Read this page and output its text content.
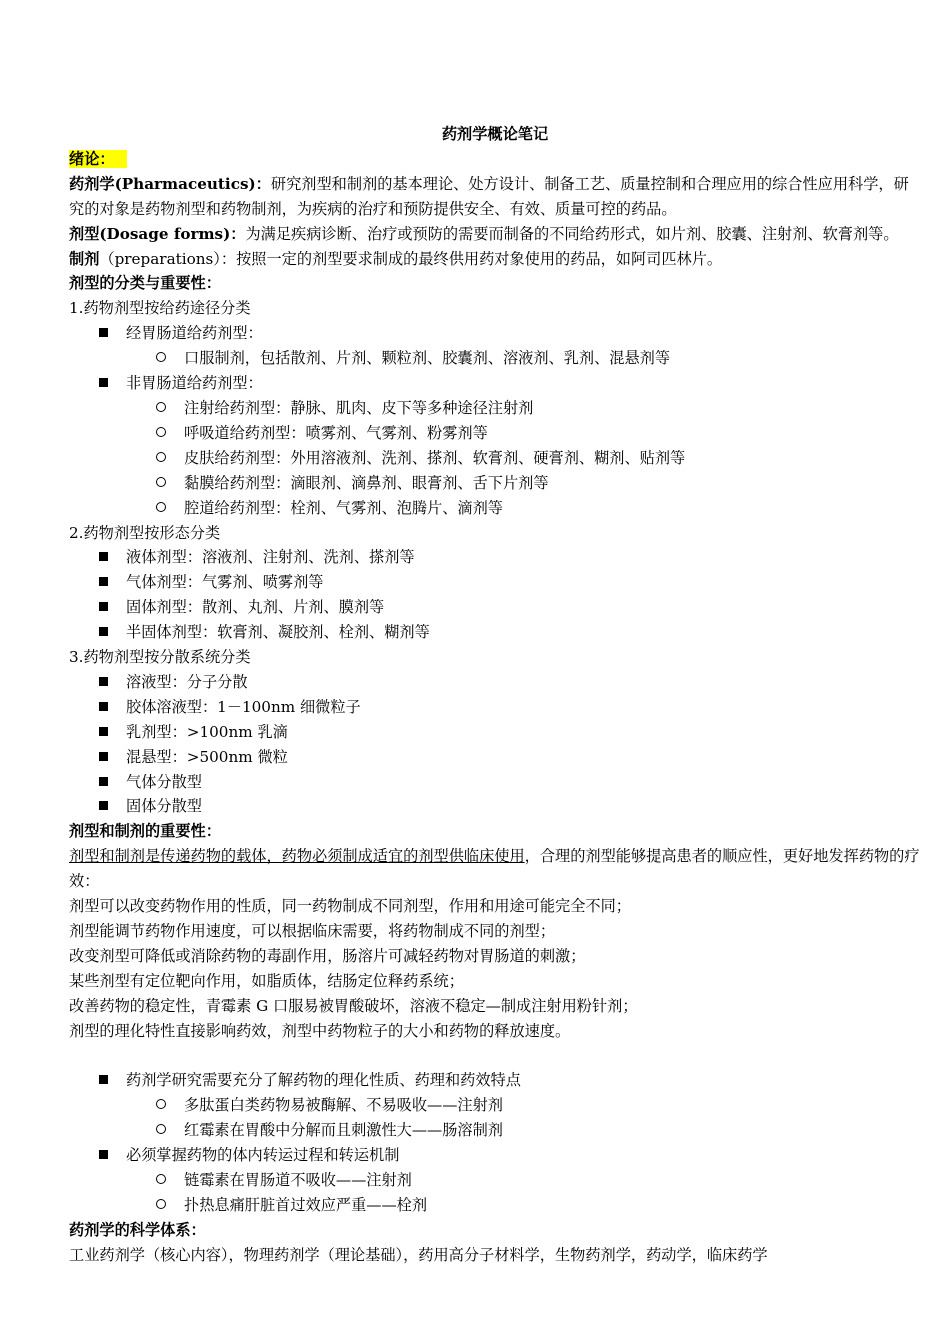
药剂学概论笔记
绪论：
药剂学(Pharmaceutics)：研究剂型和制剂的基本理论、处方设计、制备工艺、质量控制和合理应用的综合性应用科学，研究的对象是药物剂型和药物制剂，为疾病的治疗和预防提供安全、有效、质量可控的药品。
剂型(Dosage forms)：为满足疾病诊断、治疗或预防的需要而制备的不同给药形式，如片剂、胶囊、注射剂、软膏剂等。
制剂（preparations）：按照一定的剂型要求制成的最终供用药对象使用的药品，如阿司匹林片。
剂型的分类与重要性：
1.药物剂型按给药途径分类
经胃肠道给药剂型：
口服制剂，包括散剂、片剂、颗粒剂、胶囊剂、溶液剂、乳剂、混悬剂等
非胃肠道给药剂型：
注射给药剂型：静脉、肌肉、皮下等多种途径注射剂
呼吸道给药剂型：喷雾剂、气雾剂、粉雾剂等
皮肤给药剂型：外用溶液剂、洗剂、搽剂、软膏剂、硬膏剂、糊剂、贴剂等
黏膜给药剂型：滴眼剂、滴鼻剂、眼膏剂、舌下片剂等
腔道给药剂型：栓剂、气雾剂、泡腾片、滴剂等
2.药物剂型按形态分类
液体剂型：溶液剂、注射剂、洗剂、搽剂等
气体剂型：气雾剂、喷雾剂等
固体剂型：散剂、丸剂、片剂、膜剂等
半固体剂型：软膏剂、凝胶剂、栓剂、糊剂等
3.药物剂型按分散系统分类
溶液型：分子分散
胶体溶液型：1－100nm 细微粒子
乳剂型：>100nm 乳滴
混悬型：>500nm 微粒
气体分散型
固体分散型
剂型和制剂的重要性：
剂型和制剂是传递药物的载体，药物必须制成适宜的剂型供临床使用，合理的剂型能够提高患者的顺应性，更好地发挥药物的疗效：
剂型可以改变药物作用的性质，同一药物制成不同剂型，作用和用途可能完全不同；
剂型能调节药物作用速度，可以根据临床需要，将药物制成不同的剂型；
改变剂型可降低或消除药物的毒副作用，肠溶片可减轻药物对胃肠道的刺激；
某些剂型有定位靶向作用，如脂质体，结肠定位释药系统；
改善药物的稳定性，青霉素 G 口服易被胃酸破坏，溶液不稳定—制成注射用粉针剂；
剂型的理化特性直接影响药效，剂型中药物粒子的大小和药物的释放速度。
药剂学研究需要充分了解药物的理化性质、药理和药效特点
多肽蛋白类药物易被酶解、不易吸收——注射剂
红霉素在胃酸中分解而且刺激性大——肠溶制剂
必须掌握药物的体内转运过程和转运机制
链霉素在胃肠道不吸收——注射剂
扑热息痛肝脏首过效应严重——栓剂
药剂学的科学体系：
工业药剂学（核心内容），物理药剂学（理论基础），药用高分子材料学，生物药剂学，药动学，临床药学
